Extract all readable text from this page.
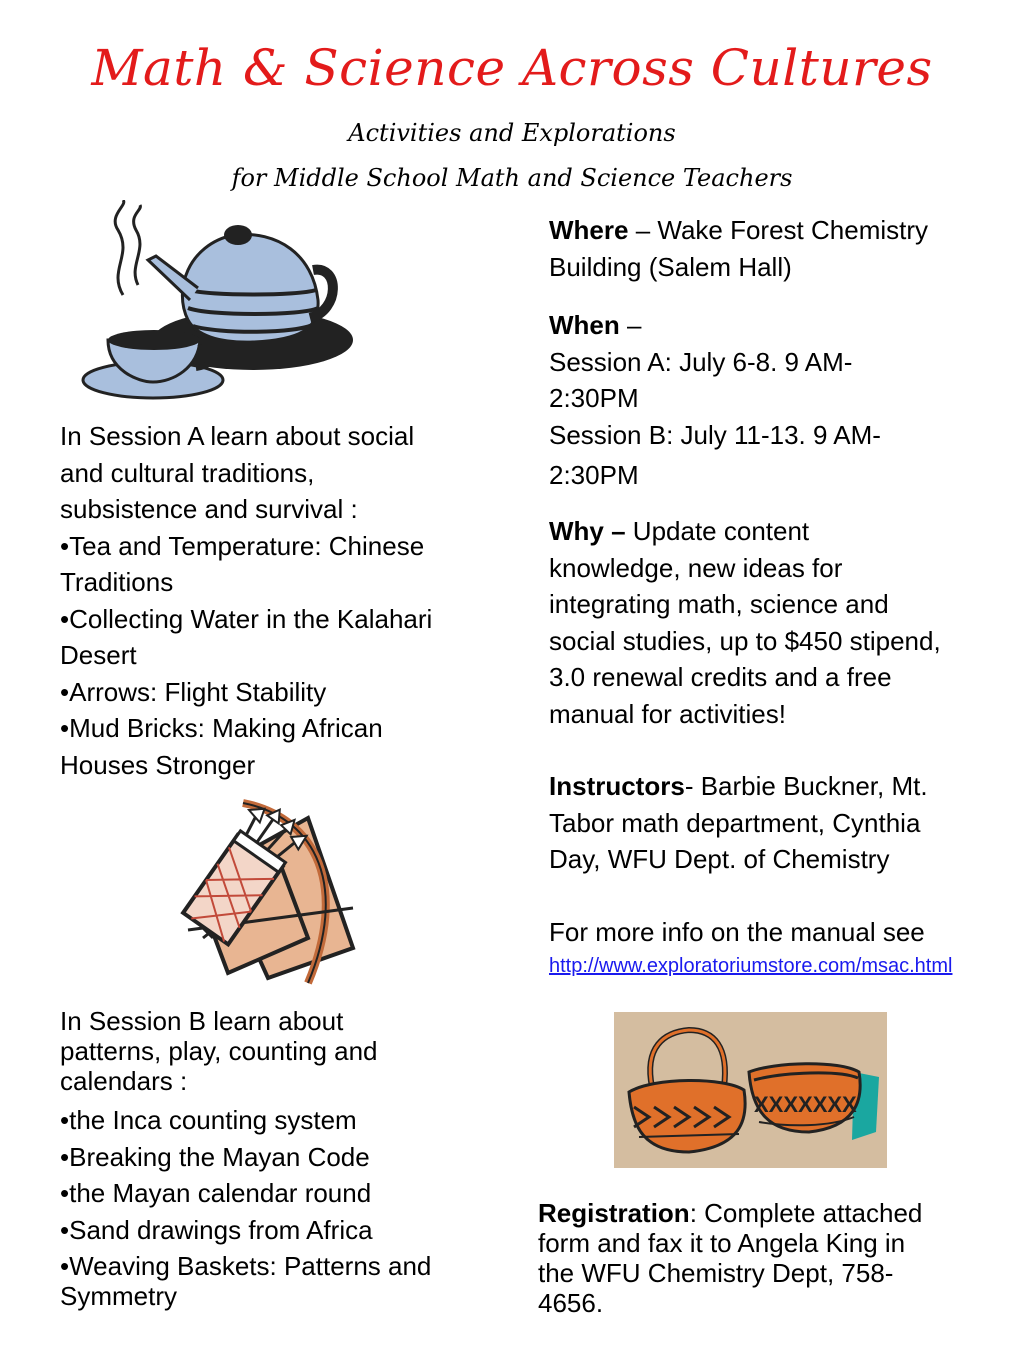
Math & Science Across Cultures
Activities and Explorations
for Middle School Math and Science Teachers

In Session A learn about social

and cultural traditions,

subsistence and survival :

•Tea and Temperature: Chinese

Traditions

•Collecting Water in the Kalahari

Desert

•Arrows: Flight Stability

•Mud Bricks: Making African

Houses Stronger

In Session B learn about

patterns, play, counting and

calendars :

•the Inca counting system

•Breaking the Mayan Code

•the Mayan calendar round

•Sand drawings from Africa

•Weaving Baskets: Patterns and

Symmetry

Where – Wake Forest Chemistry

Building (Salem Hall)

When –

Session A: July 6-8. 9 AM-

2:30PM

Session B: July 11-13. 9 AM-

2:30PM

Why – Update content

knowledge, new ideas for

integrating math, science and

social studies, up to $450 stipend,

3.0 renewal credits and a free

manual for activities!

Instructors- Barbie Buckner, Mt.

Tabor math department, Cynthia

Day, WFU Dept. of Chemistry

For more info on the manual see

http://www.exploratoriumstore.com/msac.html

XXXXXXX

Registration: Complete attached

form and fax it to Angela King in

the WFU Chemistry Dept, 758-

4656.
